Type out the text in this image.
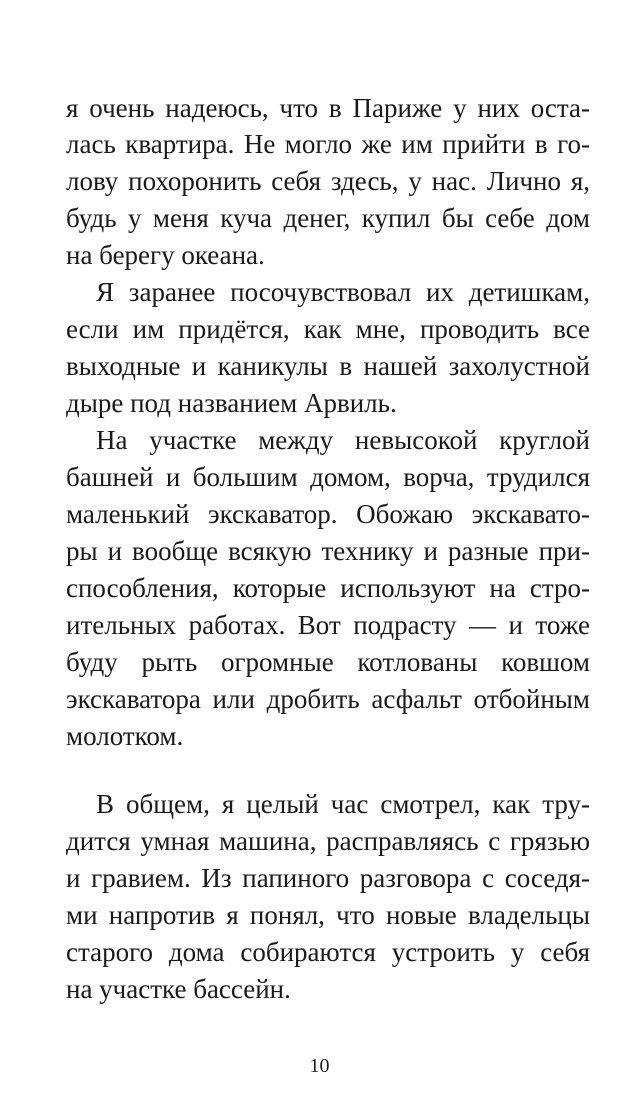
я очень надеюсь, что в Париже у них оста-
лась квартира. Не могло же им прийти в го-
лову похоронить себя здесь, у нас. Лично я,
будь у меня куча денег, купил бы себе дом
на берегу океана.
Я заранее посочувствовал их детишкам,
если им придётся, как мне, проводить все
выходные и каникулы в нашей захолустной
дыре под названием Арвиль.
На участке между невысокой круглой
башней и большим домом, ворча, трудился
маленький экскаватор. Обожаю экскавато-
ры и вообще всякую технику и разные при-
способления, которые используют на стро-
ительных работах. Вот подрасту — и тоже
буду рыть огромные котлованы ковшом
экскаватора или дробить асфальт отбойным
молотком.
В общем, я целый час смотрел, как тру-
дится умная машина, расправляясь с грязью
и гравием. Из папиного разговора с соседя-
ми напротив я понял, что новые владельцы
старого дома собираются устроить у себя
на участке бассейн.
10
